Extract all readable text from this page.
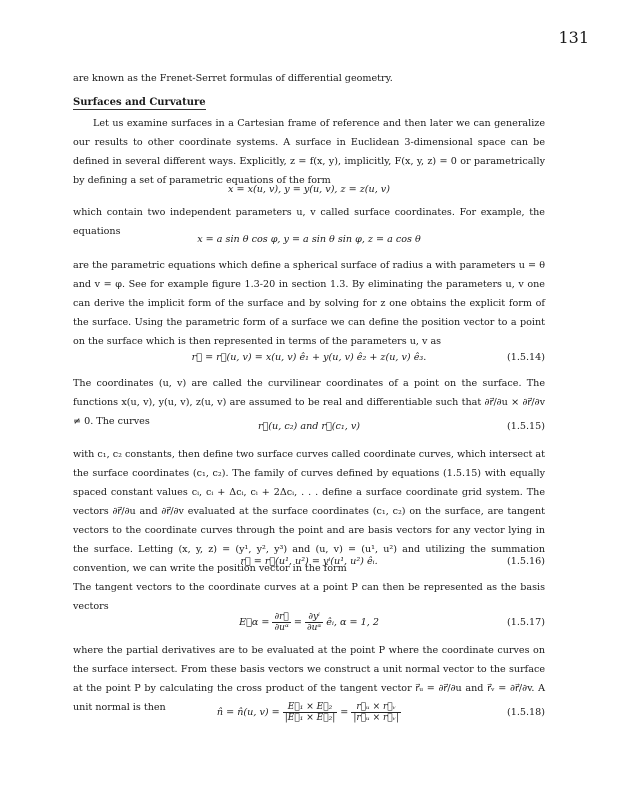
131
are known as the Frenet-Serret formulas of differential geometry.
Surfaces and Curvature
Let us examine surfaces in a Cartesian frame of reference and then later we can generalize our results to other coordinate systems. A surface in Euclidean 3-dimensional space can be defined in several different ways. Explicitly, z = f(x, y), implicitly, F(x, y, z) = 0 or parametrically by defining a set of parametric equations of the form
x = x(u, v), y = y(u, v), z = z(u, v)
which contain two independent parameters u, v called surface coordinates. For example, the equations
x = a sin θ cos φ, y = a sin θ sin φ, z = a cos θ
are the parametric equations which define a spherical surface of radius a with parameters u = θ and v = φ. See for example figure 1.3-20 in section 1.3. By eliminating the parameters u, v one can derive the implicit form of the surface and by solving for z one obtains the explicit form of the surface. Using the parametric form of a surface we can define the position vector to a point on the surface which is then represented in terms of the parameters u, v as
r⃗ = r⃗(u, v) = x(u, v) ê₁ + y(u, v) ê₂ + z(u, v) ê₃.	(1.5.14)
The coordinates (u, v) are called the curvilinear coordinates of a point on the surface. The functions x(u, v), y(u, v), z(u, v) are assumed to be real and differentiable such that ∂r⃗/∂u × ∂r⃗/∂v ≠ 0. The curves	r⃗(u, c₂) and r⃗(c₁, v)	(1.5.15)
with c₁, c₂ constants, then define two surface curves called coordinate curves, which intersect at the surface coordinates (c₁, c₂). The family of curves defined by equations (1.5.15) with equally spaced constant values cᵢ, cᵢ + Δcᵢ, cᵢ + 2Δcᵢ, . . . define a surface coordinate grid system. The vectors ∂r⃗/∂u and ∂r⃗/∂v evaluated at the surface coordinates (c₁, c₂) on the surface, are tangent vectors to the coordinate curves through the point and are basis vectors for any vector lying in the surface. Letting (x, y, z) = (y¹, y², y³) and (u, v) = (u¹, u²) and utilizing the summation convention, we can write the position vector in the form
r⃗ = r⃗(u¹, u²) = yⁱ(u¹, u²) êᵢ.	(1.5.16)
The tangent vectors to the coordinate curves at a point P can then be represented as the basis vectors
E⃗α = $\frac{\partial r⃗}{\text{∂uᵅ}} = \frac{\text{∂yⁱ}}{\text{∂uᵅ}}$ êᵢ, α = 1, 2	(1.5.17)
where the partial derivatives are to be evaluated at the point P where the coordinate curves on the surface intersect. From these basis vectors we construct a unit normal vector to the surface at the point P by calculating the cross product of the tangent vector r⃗ᵤ = ∂r⃗/∂u and r⃗ᵥ = ∂r⃗/∂v. A unit normal is then	n̂ = n̂(u, $v) = \frac{\text{E⃗₁ × E⃗₂}}{\text{|E⃗₁ × E⃗₂|}} = \frac{\text{r⃗ᵤ × r⃗ᵥ}}{\text{|r⃗ᵤ × r⃗ᵥ|}}$	(1.5.18)
